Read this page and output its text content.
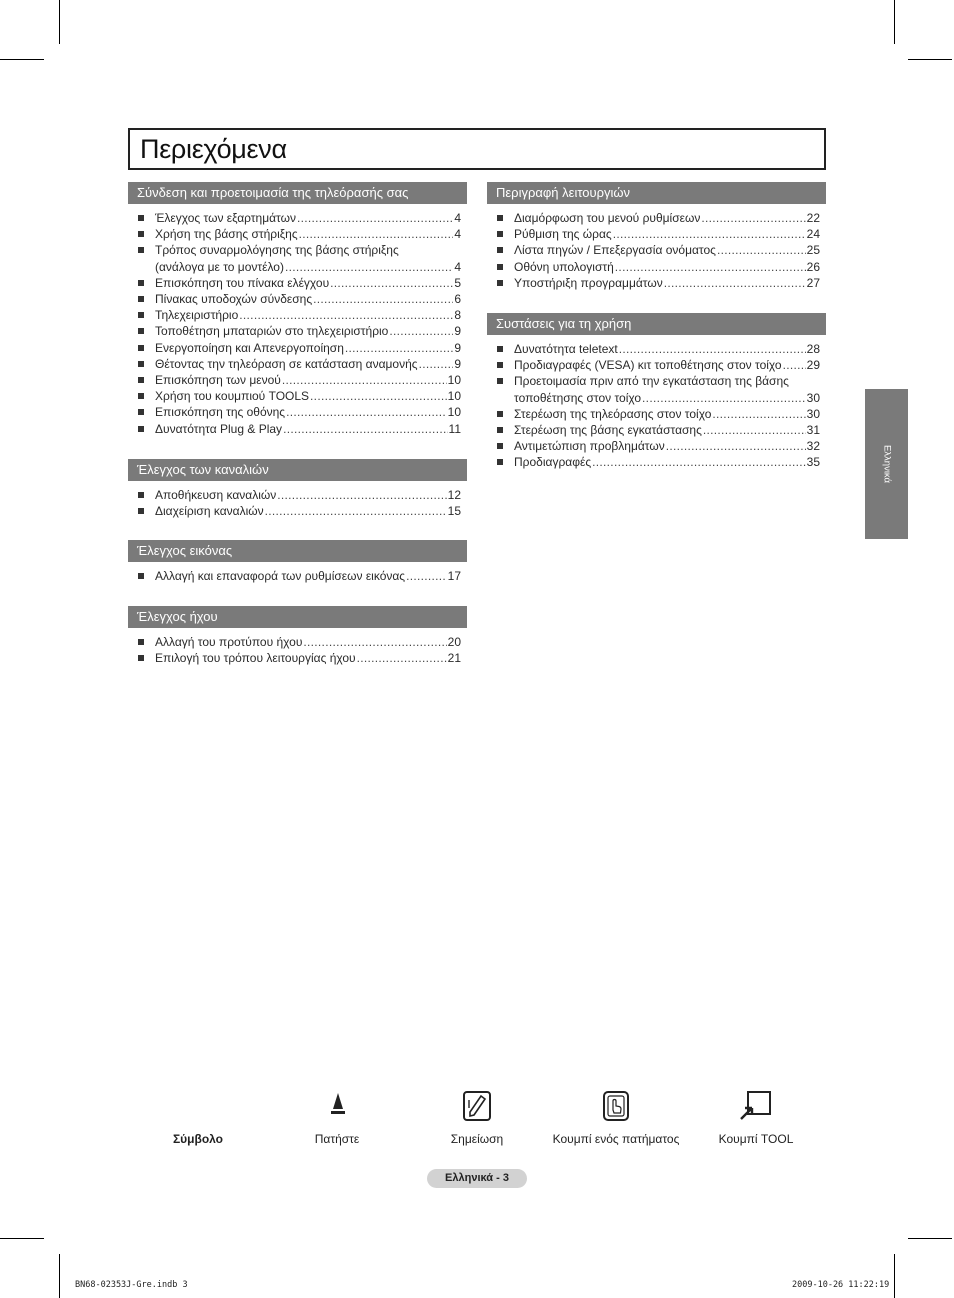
Περιεχόμενα
Σύνδεση και προετοιμασία της τηλεόρασής σας
Έλεγχος των εξαρτημάτων .....	4
Χρήση της βάσης στήριξης .....	4
Τρόπος συναρμολόγησης της βάσης στήριξης
(ανάλογα με το μοντέλο) .....	4
Επισκόπηση του πίνακα ελέγχου .....	5
Πίνακας υποδοχών σύνδεσης .....	6
Τηλεχειριστήριο .....	8
Τοποθέτηση μπαταριών στο τηλεχειριστήριο .....	9
Ενεργοποίηση και Απενεργοποίηση .....	9
Θέτοντας την τηλεόραση σε κατάσταση αναμονής .....	9
Επισκόπηση των μενού .....	10
Χρήση του κουμπιού TOOLS .....	10
Επισκόπηση της οθόνης .....	10
Δυνατότητα Plug & Play .....	11
Έλεγχος των καναλιών
Αποθήκευση καναλιών .....	12
Διαχείριση καναλιών .....	15
Έλεγχος εικόνας
Αλλαγή και επαναφορά των ρυθμίσεων εικόνας .....	17
Έλεγχος ήχου
Αλλαγή του προτύπου ήχου .....	20
Επιλογή του τρόπου λειτουργίας ήχου .....	21
Περιγραφή λειτουργιών
Διαμόρφωση του μενού ρυθμίσεων .....	22
Ρύθμιση της ώρας .....	24
Λίστα πηγών / Επεξεργασία ονόματος .....	25
Οθόνη υπολογιστή .....	26
Υποστήριξη προγραμμάτων .....	27
Συστάσεις για τη χρήση
Δυνατότητα teletext .....	28
Προδιαγραφές (VESA) κιτ τοποθέτησης στον τοίχο ..... 29
Προετοιμασία πριν από την εγκατάσταση της βάσης
τοποθέτησης στον τοίχο .....	30
Στερέωση της τηλεόρασης στον τοίχο .....	30
Στερέωση της βάσης εγκατάστασης .....	31
Αντιμετώπιση προβλημάτων .....	32
Προδιαγραφές .....	35	Ελληνικά
Σύμβολο	Πατήστε	Σημείωση	Κουμπί ενός πατήματος	Κουμπί TOOL
Ελληνικά - 3
BN68-02353J-Gre.indb 3	2009-10-26 11:22:19
